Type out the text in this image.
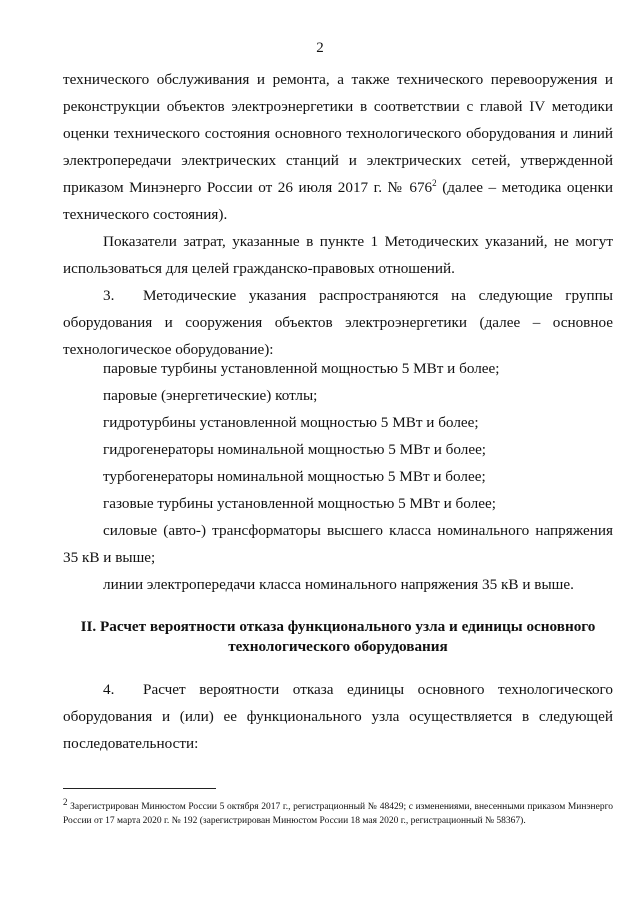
2

технического обслуживания и ремонта, а также технического перевооружения и

реконструкции объектов электроэнергетики в соответствии с главой IV методики

оценки технического состояния основного технологического оборудования и линий

электропередачи электрических станций и электрических сетей, утвержденной

приказом Минэнерго России от 26 июля 2017 г. № $676^2$ (далее – методика оценки

технического состояния).

Показатели затрат, указанные в пункте 1 Методических указаний, не могут

использоваться для целей гражданско-правовых отношений.

3. Методические указания распространяются на следующие группы

оборудования и сооружения объектов электроэнергетики (далее – основное

технологическое оборудование):

паровые турбины установленной мощностью 5 МВт и более;

паровые (энергетические) котлы;

гидротурбины установленной мощностью 5 МВт и более;

гидрогенераторы номинальной мощностью 5 МВт и более;

турбогенераторы номинальной мощностью 5 МВт и более;

газовые турбины установленной мощностью 5 МВт и более;

силовые (авто-) трансформаторы высшего класса номинального напряжения

35 кВ и выше;

линии электропередачи класса номинального напряжения 35 кВ и выше.

II. Расчет вероятности отказа функционального узла и единицы основного
технологического оборудования

4. Расчет вероятности отказа единицы основного технологического

оборудования и (или) ее функционального узла осуществляется в следующей

последовательности:

$^2$ Зарегистрирован Минюстом России 5 октября 2017 г., регистрационный № 48429; с изменениями, внесенными приказом Минэнерго России от 17 марта 2020 г. № 192 (зарегистрирован Минюстом России 18 мая 2020 г., регистрационный № 58367).
